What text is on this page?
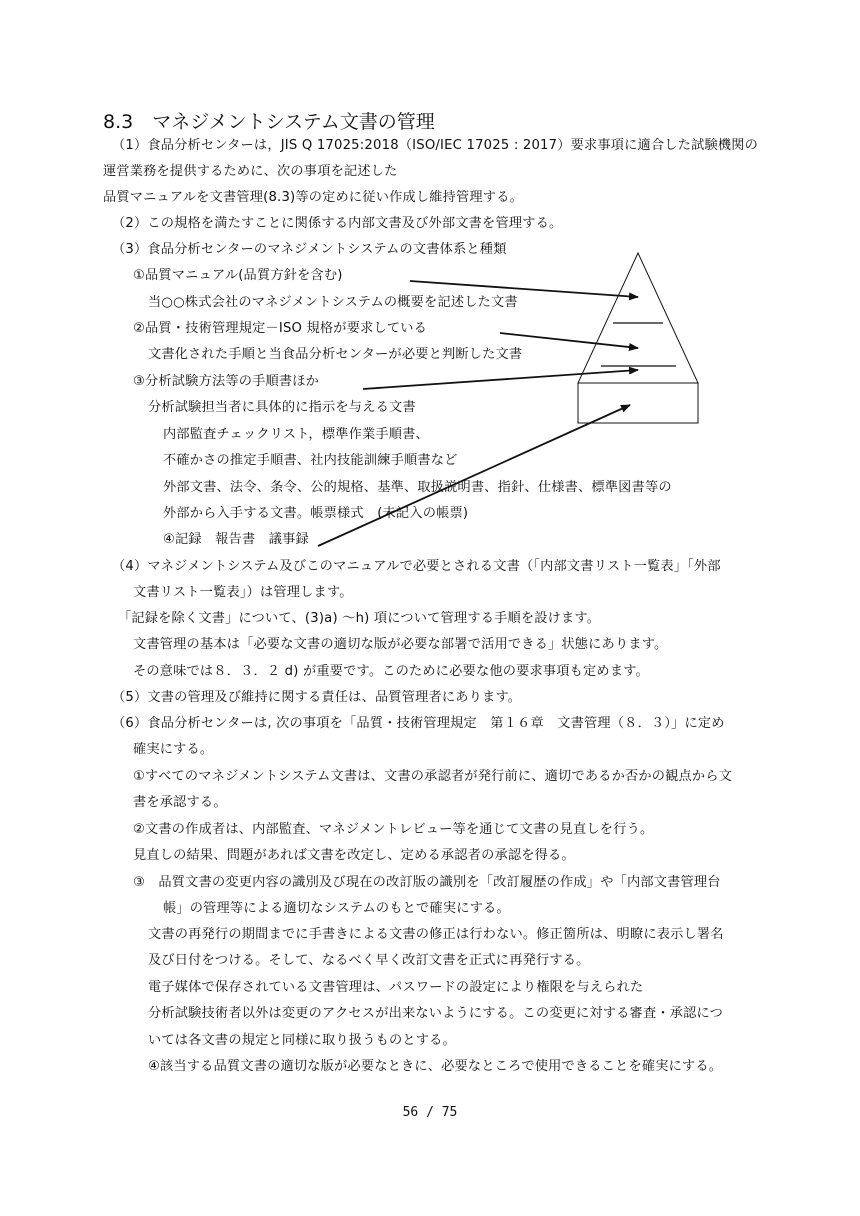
8.3　マネジメントシステム文書の管理
（1）食品分析センターは，JIS Q 17025:2018（ISO/IEC 17025 : 2017）要求事項に適合した試験機関の
運営業務を提供するために、次の事項を記述した
品質マニュアルを文書管理(8.3)等の定めに従い作成し維持管理する。
（2）この規格を満たすことに関係する内部文書及び外部文書を管理する。
（3）食品分析センターのマネジメントシステムの文書体系と種類
①品質マニュアル(品質方針を含む)
当○○株式会社のマネジメントシステムの概要を記述した文書
②品質・技術管理規定－ISO 規格が要求している
文書化された手順と当食品分析センターが必要と判断した文書
③分析試験方法等の手順書ほか
分析試験担当者に具体的に指示を与える文書
内部監査チェックリスト，標準作業手順書、
不確かさの推定手順書、社内技能訓練手順書など
外部文書、法令、条令、公的規格、基準、取扱説明書、指針、仕様書、標準図書等の
外部から入手する文書。帳票様式　(未記入の帳票)
④記録　報告書　議事録
（4）マネジメントシステム及びこのマニュアルで必要とされる文書（「内部文書リスト一覧表」「外部
文書リスト一覧表」）は管理します。
「記録を除く文書」について、(3)a) ～h) 項について管理する手順を設けます。
文書管理の基本は「必要な文書の適切な版が必要な部署で活用できる」状態にあります。
その意味では８．３．２ d) が重要です。このために必要な他の要求事項も定めます。
（5）文書の管理及び維持に関する責任は、品質管理者にあります。
（6）食品分析センターは, 次の事項を「品質・技術管理規定　第１６章　文書管理（８．３）」に定め
確実にする。
①すべてのマネジメントシステム文書は、文書の承認者が発行前に、適切であるか否かの観点から文
書を承認する。
②文書の作成者は、内部監査、マネジメントレビュー等を通じて文書の見直しを行う。
見直しの結果、問題があれば文書を改定し、定める承認者の承認を得る。
③　品質文書の変更内容の識別及び現在の改訂版の識別を「改訂履歴の作成」や「内部文書管理台
帳」の管理等による適切なシステムのもとで確実にする。
文書の再発行の期間までに手書きによる文書の修正は行わない。修正箇所は、明瞭に表示し署名
及び日付をつける。そして、なるべく早く改訂文書を正式に再発行する。
電子媒体で保存されている文書管理は、パスワードの設定により権限を与えられた
分析試験技術者以外は変更のアクセスが出来ないようにする。この変更に対する審査・承認につ
いては各文書の規定と同様に取り扱うものとする。
④該当する品質文書の適切な版が必要なときに、必要なところで使用できることを確実にする。
56 / 75
